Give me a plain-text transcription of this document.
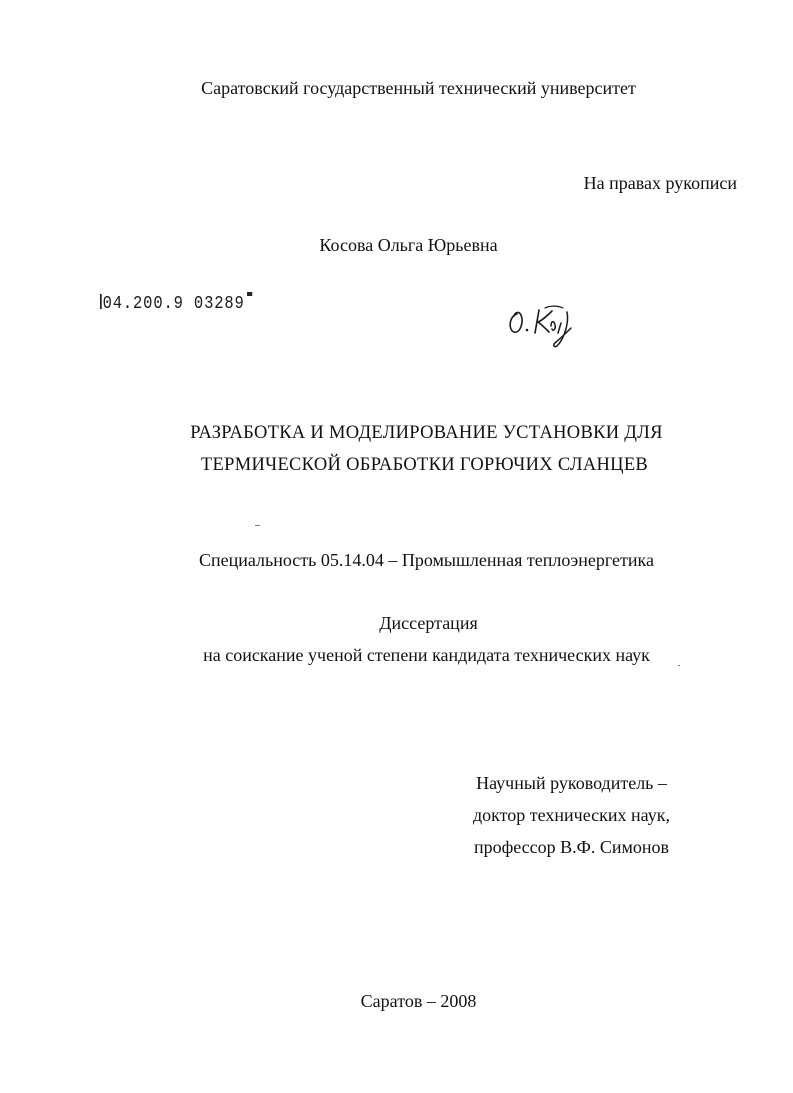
Саратовский государственный технический университет
На правах рукописи
Косова Ольга Юрьевна
04.200.9 03289
РАЗРАБОТКА И МОДЕЛИРОВАНИЕ УСТАНОВКИ ДЛЯ
ТЕРМИЧЕСКОЙ ОБРАБОТКИ ГОРЮЧИХ СЛАНЦЕВ
Специальность 05.14.04 – Промышленная теплоэнергетика
Диссертация
на соискание ученой степени кандидата технических наук
Научный руководитель –
доктор технических наук,
профессор В.Ф. Симонов
Саратов – 2008
